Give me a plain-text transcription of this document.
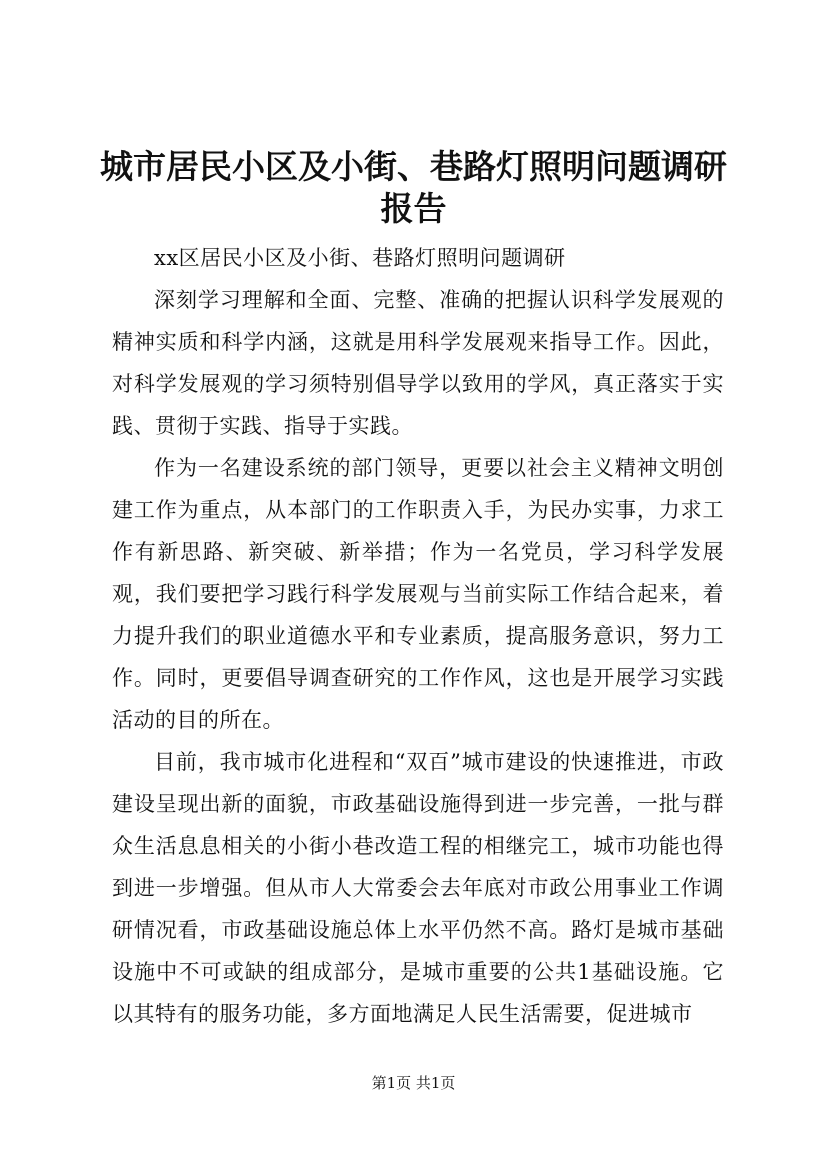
城市居民小区及小街、巷路灯照明问题调研报告

xx区居民小区及小街、巷路灯照明问题调研

深刻学习理解和全面、完整、准确的把握认识科学发展观的精神实质和科学内涵，这就是用科学发展观来指导工作。因此，对科学发展观的学习须特别倡导学以致用的学风，真正落实于实践、贯彻于实践、指导于实践。

作为一名建设系统的部门领导，更要以社会主义精神文明创建工作为重点，从本部门的工作职责入手，为民办实事，力求工作有新思路、新突破、新举措；作为一名党员，学习科学发展观，我们要把学习践行科学发展观与当前实际工作结合起来，着力提升我们的职业道德水平和专业素质，提高服务意识，努力工作。同时，更要倡导调查研究的工作作风，这也是开展学习实践活动的目的所在。

目前，我市城市化进程和“双百”城市建设的快速推进，市政建设呈现出新的面貌，市政基础设施得到进一步完善，一批与群众生活息息相关的小街小巷改造工程的相继完工，城市功能也得到进一步增强。但从市人大常委会去年底对市政公用事业工作调研情况看，市政基础设施总体上水平仍然不高。路灯是城市基础设施中不可或缺的组成部分，是城市重要的公共1基础设施。它以其特有的服务功能，多方面地满足人民生活需要，促进城市

第1页 共1页
